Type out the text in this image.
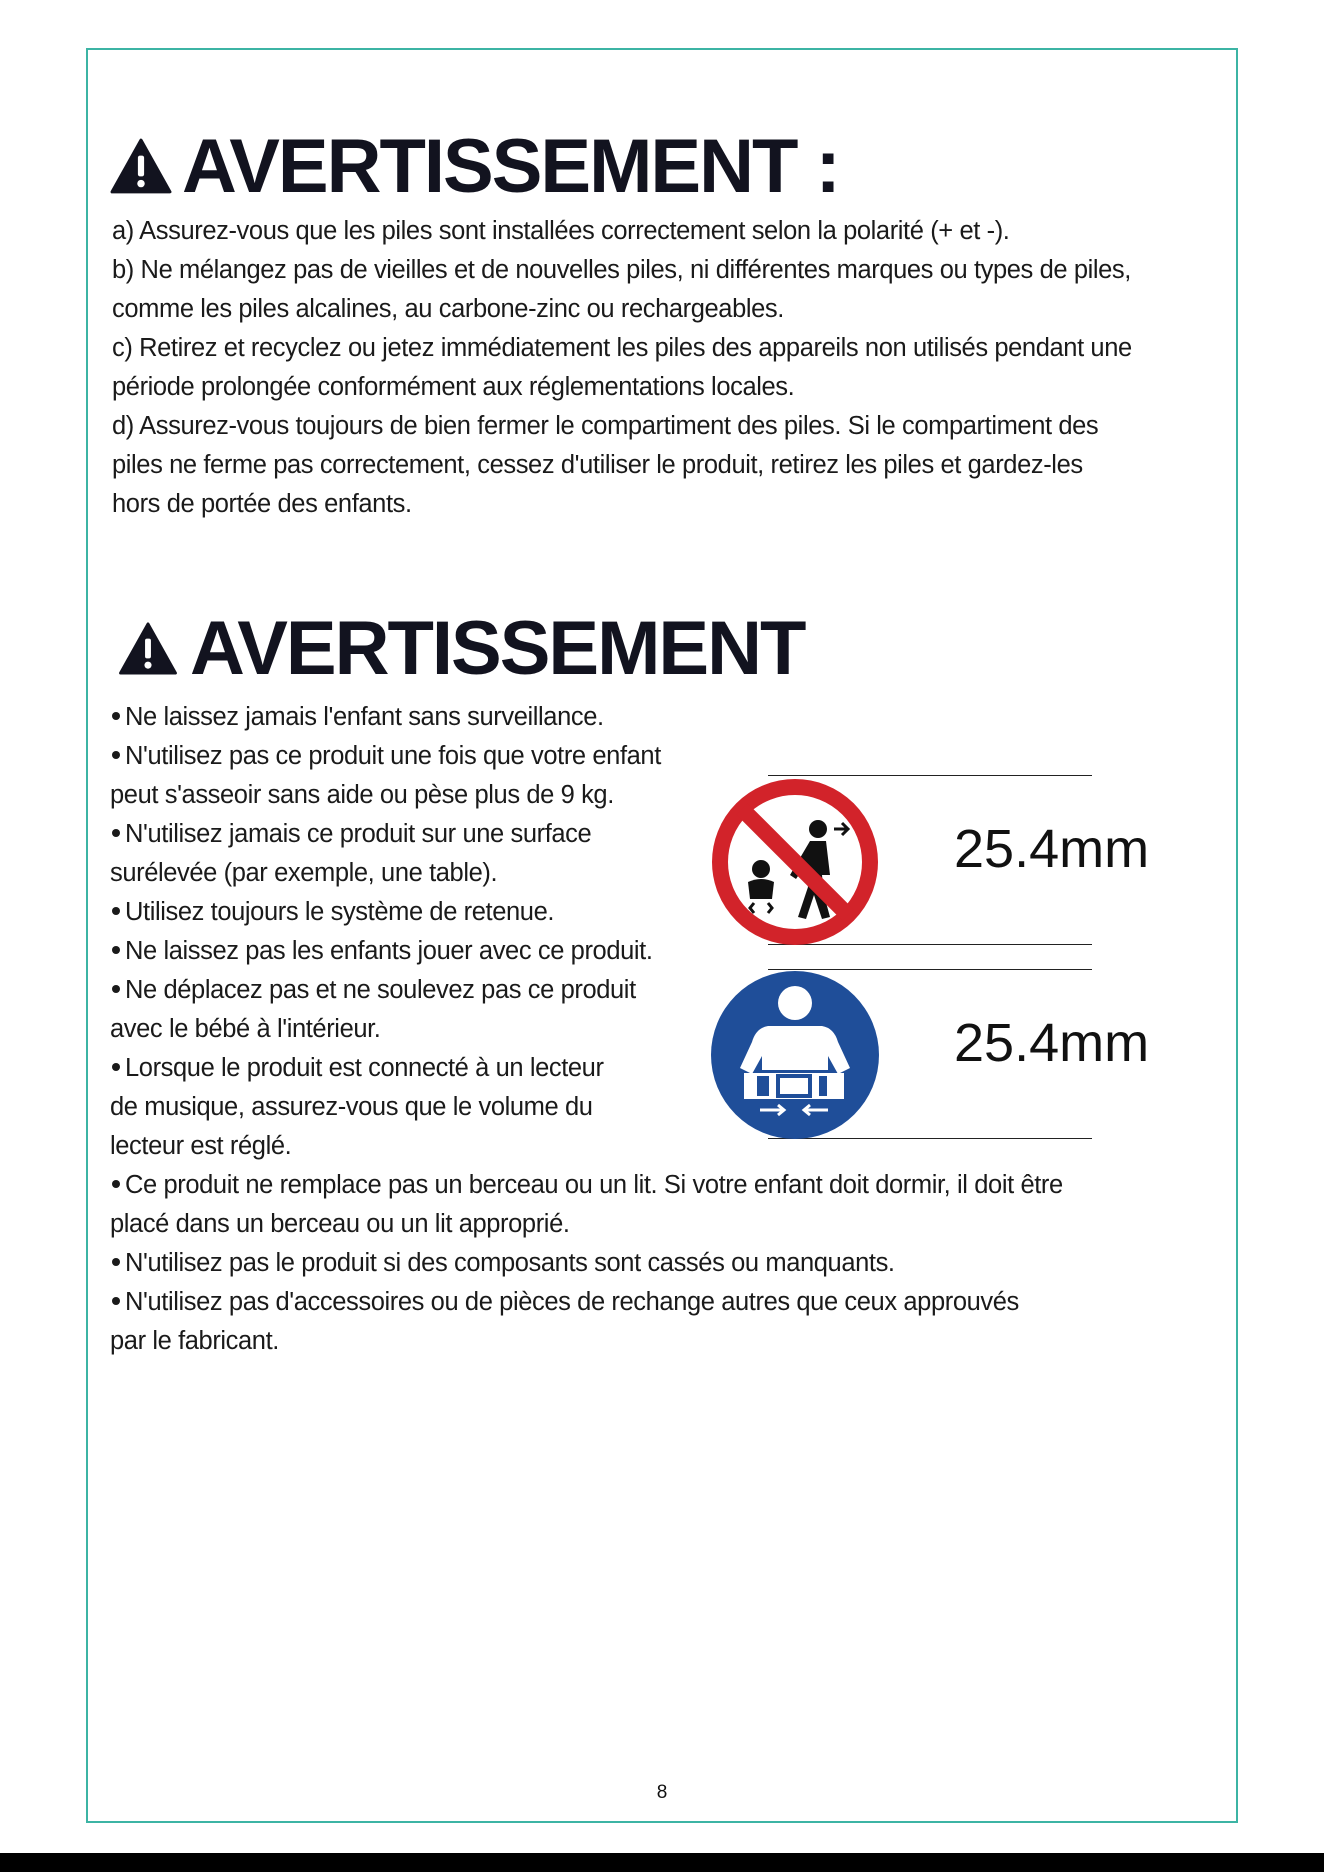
AVERTISSEMENT :

a) Assurez-vous que les piles sont installées correctement selon la polarité (+ et -).

b) Ne mélangez pas de vieilles et de nouvelles piles, ni différentes marques ou types de piles,

comme les piles alcalines, au carbone-zinc ou rechargeables.

c) Retirez et recyclez ou jetez immédiatement les piles des appareils non utilisés pendant une

période prolongée conformément aux réglementations locales.

d) Assurez-vous toujours de bien fermer le compartiment des piles. Si le compartiment des

piles ne ferme pas correctement, cessez d'utiliser le produit, retirez les piles et gardez-les

hors de portée des enfants.

AVERTISSEMENT

Ne laissez jamais l'enfant sans surveillance.

N'utilisez pas ce produit une fois que votre enfant

peut s'asseoir sans aide ou pèse plus de 9 kg.

N'utilisez jamais ce produit sur une surface

surélevée (par exemple, une table).

Utilisez toujours le système de retenue.

Ne laissez pas les enfants jouer avec ce produit.

Ne déplacez pas et ne soulevez pas ce produit

avec le bébé à l'intérieur.

Lorsque le produit est connecté à un lecteur

de musique, assurez-vous que le volume du

lecteur est réglé.

Ce produit ne remplace pas un berceau ou un lit. Si votre enfant doit dormir, il doit être

placé dans un berceau ou un lit approprié.

N'utilisez pas le produit si des composants sont cassés ou manquants.

N'utilisez pas d'accessoires ou de pièces de rechange autres que ceux approuvés

par le fabricant.

25.4mm
25.4mm
8
